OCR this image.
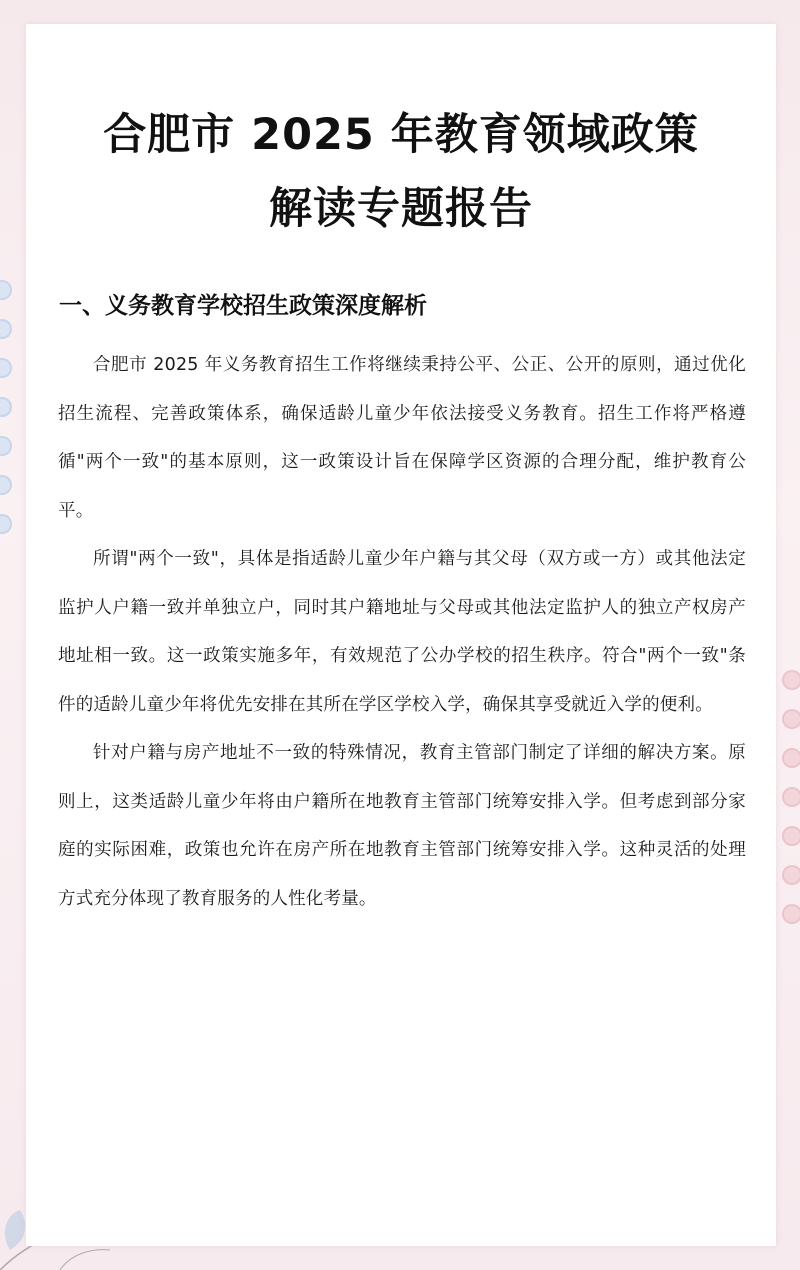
合肥市 2025 年教育领域政策
解读专题报告
一、义务教育学校招生政策深度解析

合肥市 2025 年义务教育招生工作将继续秉持公平、公正、公开的原则，通过优化招生流程、完善政策体系，确保适龄儿童少年依法接受义务教育。招生工作将严格遵循"两个一致"的基本原则，这一政策设计旨在保障学区资源的合理分配，维护教育公平。

所谓"两个一致"，具体是指适龄儿童少年户籍与其父母（双方或一方）或其他法定监护人户籍一致并单独立户，同时其户籍地址与父母或其他法定监护人的独立产权房产地址相一致。这一政策实施多年，有效规范了公办学校的招生秩序。符合"两个一致"条件的适龄儿童少年将优先安排在其所在学区学校入学，确保其享受就近入学的便利。

针对户籍与房产地址不一致的特殊情况，教育主管部门制定了详细的解决方案。原则上，这类适龄儿童少年将由户籍所在地教育主管部门统筹安排入学。但考虑到部分家庭的实际困难，政策也允许在房产所在地教育主管部门统筹安排入学。这种灵活的处理方式充分体现了教育服务的人性化考量。
